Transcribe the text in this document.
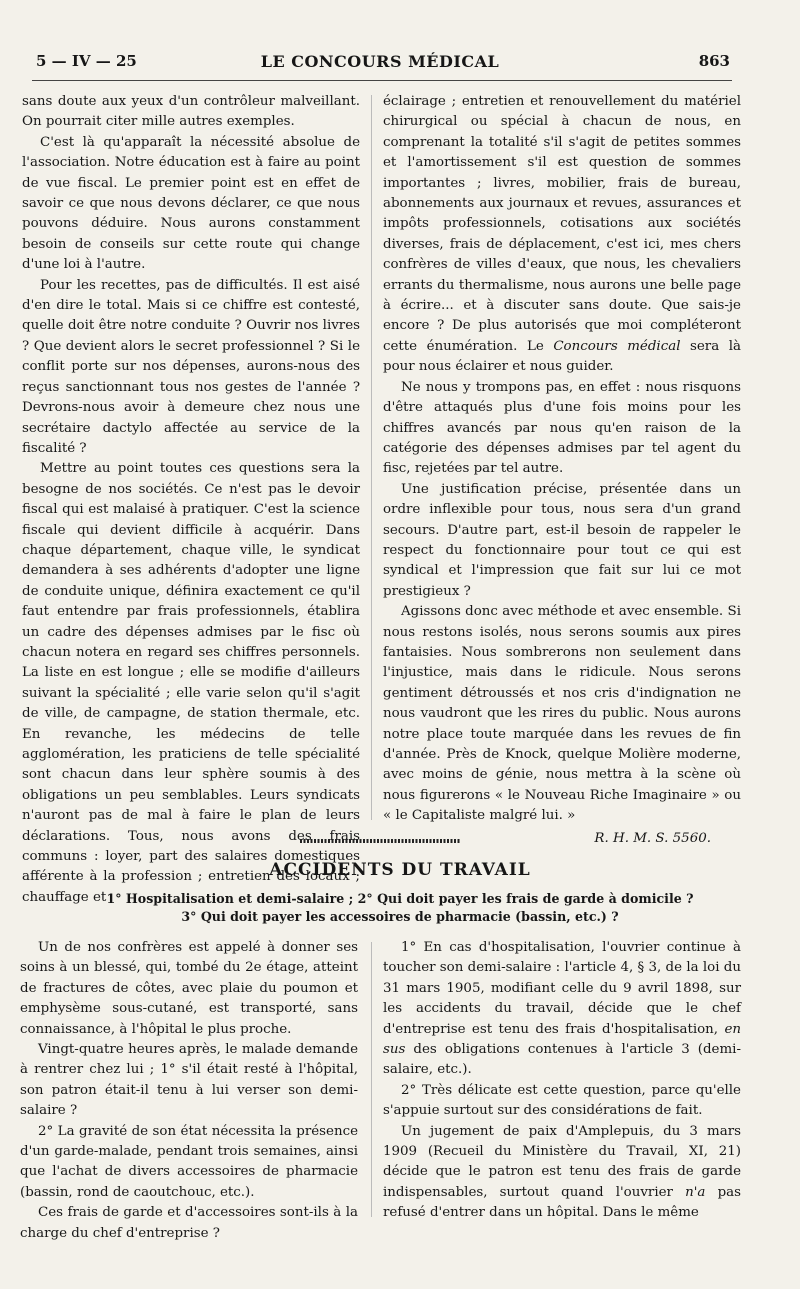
5 — IV — 25	LE CONCOURS MÉDICAL	863

sans doute aux yeux d'un contrôleur malveillant. On pourrait citer mille autres exemples.

C'est là qu'apparaît la nécessité absolue de l'association. Notre éducation est à faire au point de vue fiscal. Le premier point est en effet de savoir ce que nous devons déclarer, ce que nous pouvons déduire. Nous aurons constamment besoin de conseils sur cette route qui change d'une loi à l'autre.

Pour les recettes, pas de difficultés. Il est aisé d'en dire le total. Mais si ce chiffre est contesté, quelle doit être notre conduite ? Ouvrir nos livres ? Que devient alors le secret professionnel ? Si le conflit porte sur nos dépenses, aurons-nous des reçus sanctionnant tous nos gestes de l'année ? Devrons-nous avoir à demeure chez nous une secrétaire dactylo affectée au service de la fiscalité ?

Mettre au point toutes ces questions sera la besogne de nos sociétés. Ce n'est pas le devoir fiscal qui est malaisé à pratiquer. C'est la science fiscale qui devient difficile à acquérir. Dans chaque département, chaque ville, le syndicat demandera à ses adhérents d'adopter une ligne de conduite unique, définira exactement ce qu'il faut entendre par frais professionnels, établira un cadre des dépenses admises par le fisc où chacun notera en regard ses chiffres personnels. La liste en est longue ; elle se modifie d'ailleurs suivant la spécialité ; elle varie selon qu'il s'agit de ville, de campagne, de station thermale, etc. En revanche, les médecins de telle agglomération, les praticiens de telle spécialité sont chacun dans leur sphère soumis à des obligations un peu semblables. Leurs syndicats n'auront pas de mal à faire le plan de leurs déclarations. Tous, nous avons des frais communs : loyer, part des salaires domestiques afférente à la profession ; entretien des locaux ; chauffage et

éclairage ; entretien et renouvellement du matériel chirurgical ou spécial à chacun de nous, en comprenant la totalité s'il s'agit de petites sommes et l'amortissement s'il est question de sommes importantes ; livres, mobilier, frais de bureau, abonnements aux journaux et revues, assurances et impôts professionnels, cotisations aux sociétés diverses, frais de déplacement, c'est ici, mes chers confrères de villes d'eaux, que nous, les chevaliers errants du thermalisme, nous aurons une belle page à écrire... et à discuter sans doute. Que sais-je encore ? De plus autorisés que moi compléteront cette énumération. Le Concours médical sera là pour nous éclairer et nous guider.

Ne nous y trompons pas, en effet : nous risquons d'être attaqués plus d'une fois moins pour les chiffres avancés par nous qu'en raison de la catégorie des dépenses admises par tel agent du fisc, rejetées par tel autre.

Une justification précise, présentée dans un ordre inflexible pour tous, nous sera d'un grand secours. D'autre part, est-il besoin de rappeler le respect du fonctionnaire pour tout ce qui est syndical et l'impression que fait sur lui ce mot prestigieux ?

Agissons donc avec méthode et avec ensemble. Si nous restons isolés, nous serons soumis aux pires fantaisies. Nous sombrerons non seulement dans l'injustice, mais dans le ridicule. Nous serons gentiment détroussés et nos cris d'indignation ne nous vaudront que les rires du public. Nous aurons notre place toute marquée dans les revues de fin d'année. Près de Knock, quelque Molière moderne, avec moins de génie, nous mettra à la scène où nous figurerons « le Nouveau Riche Imaginaire » ou « le Capitaliste malgré lui. »

R. H. M. S. 5560.

ACCIDENTS DU TRAVAIL
1° Hospitalisation et demi-salaire ; 2° Qui doit payer les frais de garde à domicile ?
3° Qui doit payer les accessoires de pharmacie (bassin, etc.) ?

Un de nos confrères est appelé à donner ses soins à un blessé, qui, tombé du 2e étage, atteint de fractures de côtes, avec plaie du poumon et emphysème sous-cutané, est transporté, sans connaissance, à l'hôpital le plus proche.

Vingt-quatre heures après, le malade demande à rentrer chez lui ; 1° s'il était resté à l'hôpital, son patron était-il tenu à lui verser son demi-salaire ?

2° La gravité de son état nécessita la présence d'un garde-malade, pendant trois semaines, ainsi que l'achat de divers accessoires de pharmacie (bassin, rond de caoutchouc, etc.).

Ces frais de garde et d'accessoires sont-ils à la charge du chef d'entreprise ?

1° En cas d'hospitalisation, l'ouvrier continue à toucher son demi-salaire : l'article 4, § 3, de la loi du 31 mars 1905, modifiant celle du 9 avril 1898, sur les accidents du travail, décide que le chef d'entreprise est tenu des frais d'hospitalisation, en sus des obligations contenues à l'article 3 (demi-salaire, etc.).

2° Très délicate est cette question, parce qu'elle s'appuie surtout sur des considérations de fait.

Un jugement de paix d'Amplepuis, du 3 mars 1909 (Recueil du Ministère du Travail, XI, 21) décide que le patron est tenu des frais de garde indispensables, surtout quand l'ouvrier n'a pas refusé d'entrer dans un hôpital. Dans le même
